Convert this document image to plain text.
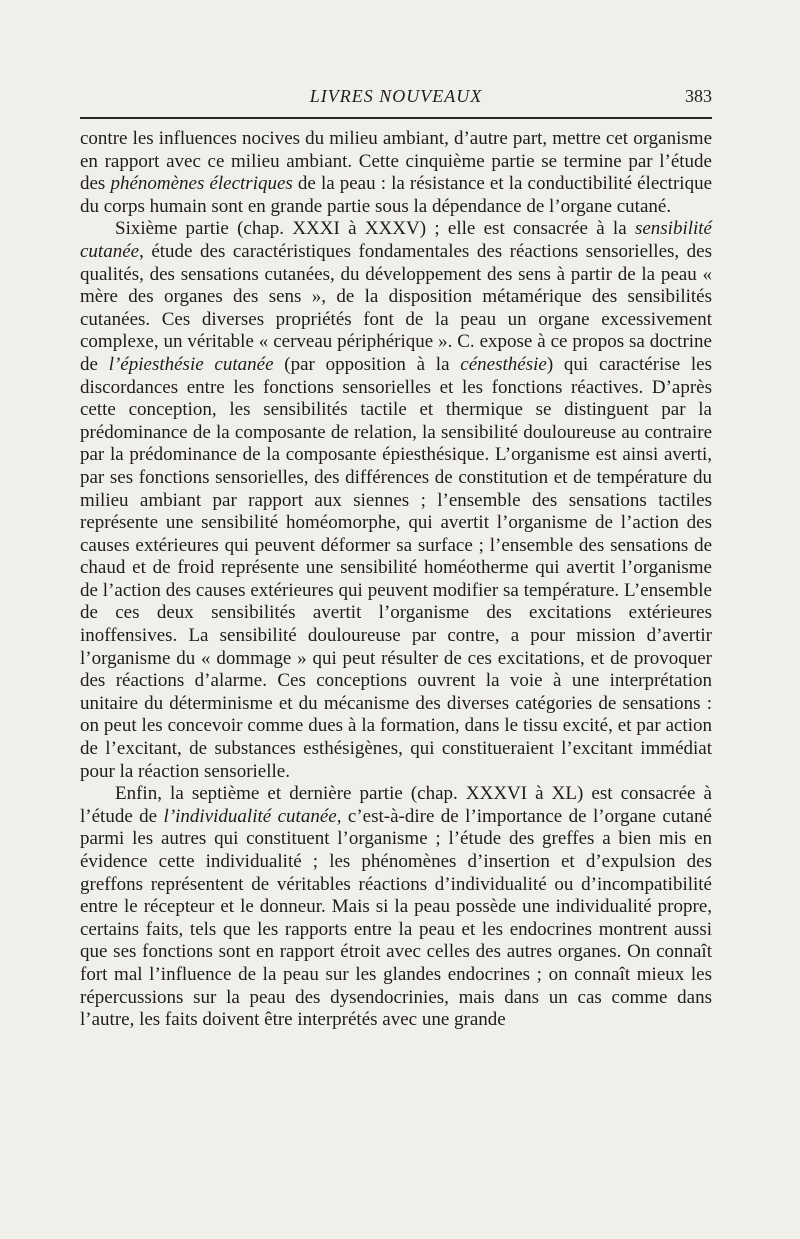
LIVRES NOUVEAUX	383

contre les influences nocives du milieu ambiant, d’autre part, mettre cet organisme en rapport avec ce milieu ambiant. Cette cinquième partie se termine par l’étude des phénomènes électriques de la peau : la résistance et la conductibilité électrique du corps humain sont en grande partie sous la dépendance de l’organe cutané.

Sixième partie (chap. XXXI à XXXV) ; elle est consacrée à la sensibilité cutanée, étude des caractéristiques fondamentales des réactions sensorielles, des qualités, des sensations cutanées, du développement des sens à partir de la peau « mère des organes des sens », de la disposition métamérique des sensibilités cutanées. Ces diverses propriétés font de la peau un organe excessivement complexe, un véritable « cerveau périphérique ». C. expose à ce propos sa doctrine de l’épiesthésie cutanée (par opposition à la cénesthésie) qui caractérise les discordances entre les fonctions sensorielles et les fonctions réactives. D’après cette conception, les sensibilités tactile et thermique se distinguent par la prédominance de la composante de relation, la sensibilité douloureuse au contraire par la prédominance de la composante épiesthésique. L’organisme est ainsi averti, par ses fonctions sensorielles, des différences de constitution et de température du milieu ambiant par rapport aux siennes ; l’ensemble des sensations tactiles représente une sensibilité homéomorphe, qui avertit l’organisme de l’action des causes extérieures qui peuvent déformer sa surface ; l’ensemble des sensations de chaud et de froid représente une sensibilité homéotherme qui avertit l’organisme de l’action des causes extérieures qui peuvent modifier sa température. L’ensemble de ces deux sensibilités avertit l’organisme des excitations extérieures inoffensives. La sensibilité douloureuse par contre, a pour mission d’avertir l’organisme du « dommage » qui peut résulter de ces excitations, et de provoquer des réactions d’alarme. Ces conceptions ouvrent la voie à une interprétation unitaire du déterminisme et du mécanisme des diverses catégories de sensations : on peut les concevoir comme dues à la formation, dans le tissu excité, et par action de l’excitant, de substances esthésigènes, qui constitueraient l’excitant immédiat pour la réaction sensorielle.

Enfin, la septième et dernière partie (chap. XXXVI à XL) est consacrée à l’étude de l’individualité cutanée, c’est-à-dire de l’importance de l’organe cutané parmi les autres qui constituent l’organisme ; l’étude des greffes a bien mis en évidence cette individualité ; les phénomènes d’insertion et d’expulsion des greffons représentent de véritables réactions d’individualité ou d’incompatibilité entre le récepteur et le donneur. Mais si la peau possède une individualité propre, certains faits, tels que les rapports entre la peau et les endocrines montrent aussi que ses fonctions sont en rapport étroit avec celles des autres organes. On connaît fort mal l’influence de la peau sur les glandes endocrines ; on connaît mieux les répercussions sur la peau des dysendocrinies, mais dans un cas comme dans l’autre, les faits doivent être interprétés avec une grande
